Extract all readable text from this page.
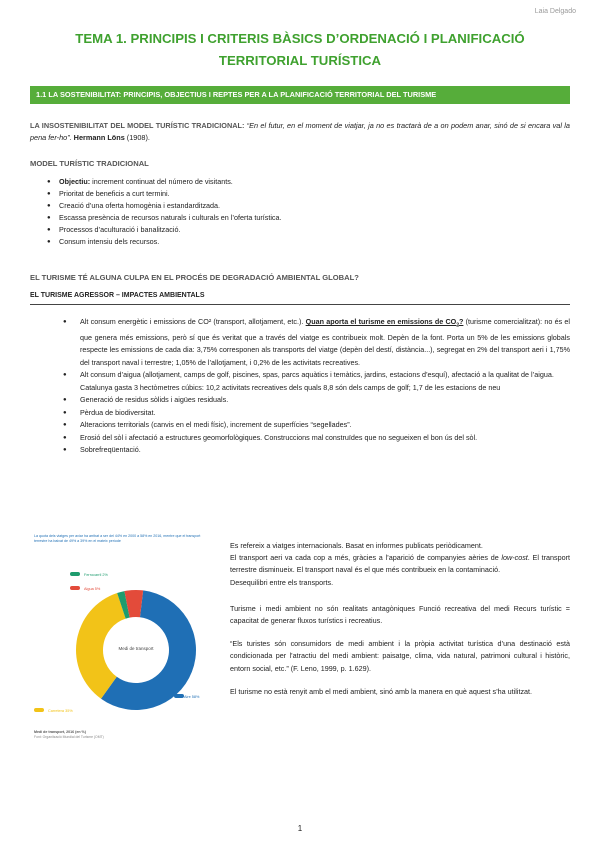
Laia Delgado
TEMA 1. PRINCIPIS I CRITERIS BÀSICS D’ORDENACIÓ I PLANIFICACIÓ TERRITORIAL TURÍSTICA
1.1 LA SOSTENIBILITAT: PRINCIPIS, OBJECTIUS I REPTES PER A LA PLANIFICACIÓ TERRITORIAL DEL TURISME
LA INSOSTENIBILITAT DEL MODEL TURÍSTIC TRADICIONAL: “En el futur, en el moment de viatjar, ja no es tractarà de a on podem anar, sinó de si encara val la pena fer-ho”. Hermann Löns (1908).
MODEL TURÍSTIC TRADICIONAL
● Objectiu: increment continuat del número de visitants.
● Prioritat de beneficis a curt termini.
● Creació d’una oferta homogènia i estandarditzada.
● Escassa presència de recursos naturals i culturals en l’oferta turística.
● Processos d’aculturació i banalització.
● Consum intensiu dels recursos.
EL TURISME TÉ ALGUNA CULPA EN EL PROCÉS DE DEGRADACIÓ AMBIENTAL GLOBAL?
EL TURISME AGRESSOR – IMPACTES AMBIENTALS
● Alt consum energètic i emissions de CO² (transport, allotjament, etc.). Quan aporta el turisme en emissions de $CO_2$? (turisme comercialitzat): no és el que genera més emissions, però sí que és veritat que a través del viatge es contribueix molt. Depèn de la font. Porta un 5% de les emissions globals respecte les emissions de cada dia: 3,75% corresponen als transports del viatge (depèn del destí, distància...), segregat en 2% del transport aeri i 1,75% del transport naval i terrestre; 1,05% de l’allotjament, i 0,2% de les activitats recreatives.
● Alt consum d’aigua (allotjament, camps de golf, piscines, spas, parcs aquàtics i temàtics, jardins, estacions d’esquí), afectació a la qualitat de l’aigua.
Catalunya gasta 3 hectòmetres cúbics: 10,2 activitats recreatives dels quals 8,8 són dels camps de golf; 1,7 de les estacions de neu
● Generació de residus sòlids i aigües residuals.
● Pèrdua de biodiversitat.
● Alteracions territorials (canvis en el medi físic), increment de superfícies “segellades”.
● Erosió del sòl i afectació a estructures geomorfològiques. Construccions mal construïdes que no segueixen el bon ús del sòl.
● Sobrefreqüentació.
La quota dels viatges per aviar ha arribat a ser del 44% en 2000 a 58% en 2016, mentre que el transport terrestre ha baixat de 49% a 39% en el mateix període
Medi de transport
Aire 58%
Carretera 35%
Ferrocarril 2%
Aigua 5%
Medi de transport, 2016 (en %)
Font: Organització Mundial del Turisme (OMT)

Es refereix a viatges internacionals. Basat en informes publicats periòdicament.

El transport aeri va cada cop a més, gràcies a l’aparició de companyies aèries de low-cost. El transport terrestre disminueix. El transport naval és el que més contribueix en la contaminació.

Desequilibri entre els transports.

Turisme i medi ambient no són realitats antagòniques Funció recreativa del medi Recurs turístic = capacitat de generar fluxos turístics i recreatius.

“Els turistes són consumidors de medi ambient i la pròpia activitat turística d’una destinació està condicionada per l’atractiu del medi ambient: paisatge, clima, vida natural, patrimoni cultural i històric, entorn social, etc.” (F. Leno, 1999, p. 1.629).

El turisme no està renyit amb el medi ambient, sinó amb la manera en què aquest s’ha utilitzat.

1
